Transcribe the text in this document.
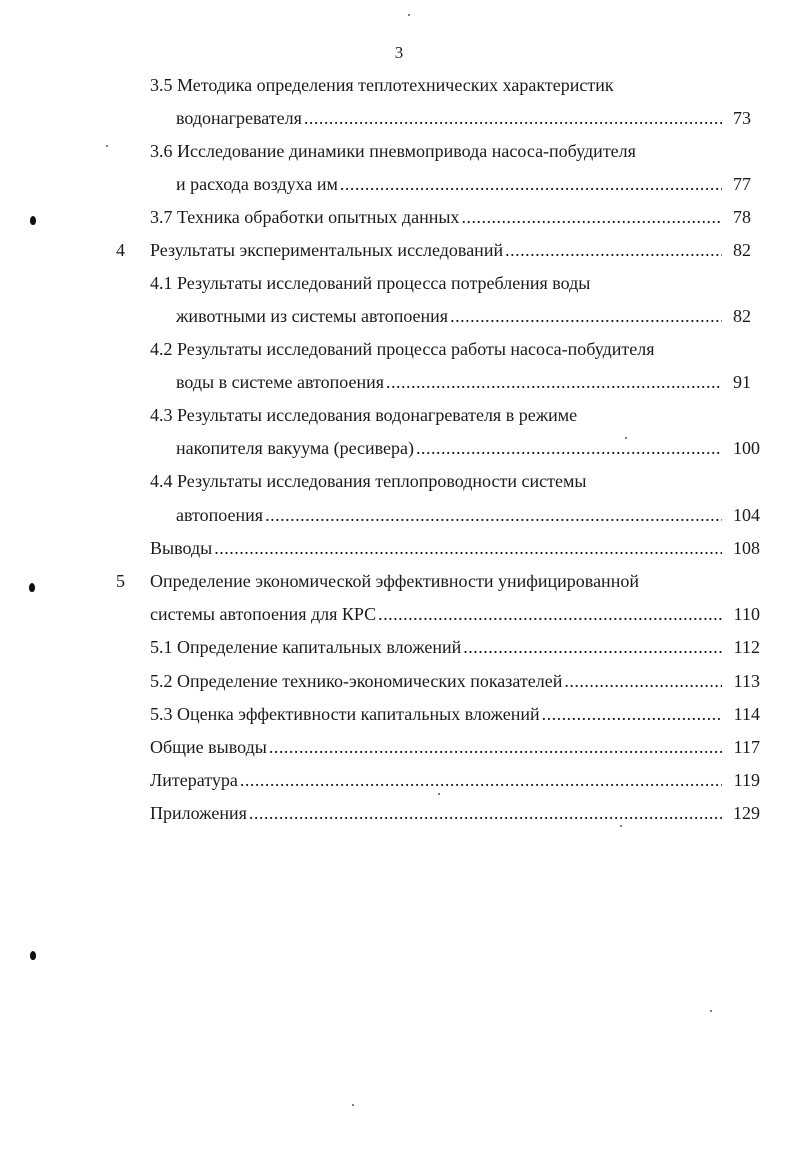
3
3.5 Методика определения теплотехнических характеристик
водонагревателя .....	73
3.6 Исследование динамики пневмопривода насоса-побудителя
и расхода воздуха им .....	77
3.7 Техника обработки опытных данных .....	78
4 Результаты экспериментальных исследований .....	82
4.1 Результаты исследований процесса потребления воды
животными из системы автопоения .....	82
4.2 Результаты исследований процесса работы насоса-побудителя
воды в системе автопоения .....	91
4.3 Результаты исследования водонагревателя в режиме
накопителя вакуума (ресивера) .....	100
4.4 Результаты исследования теплопроводности системы
автопоения .....	104
Выводы .....	108
5 Определение экономической эффективности унифицированной
системы автопоения для КРС .....	110
5.1 Определение капитальных вложений .....	112
5.2 Определение технико-экономических показателей .....	113
5.3 Оценка эффективности капитальных вложений .....	114
Общие выводы .....	117
Литература .....	119
Приложения .....	129
